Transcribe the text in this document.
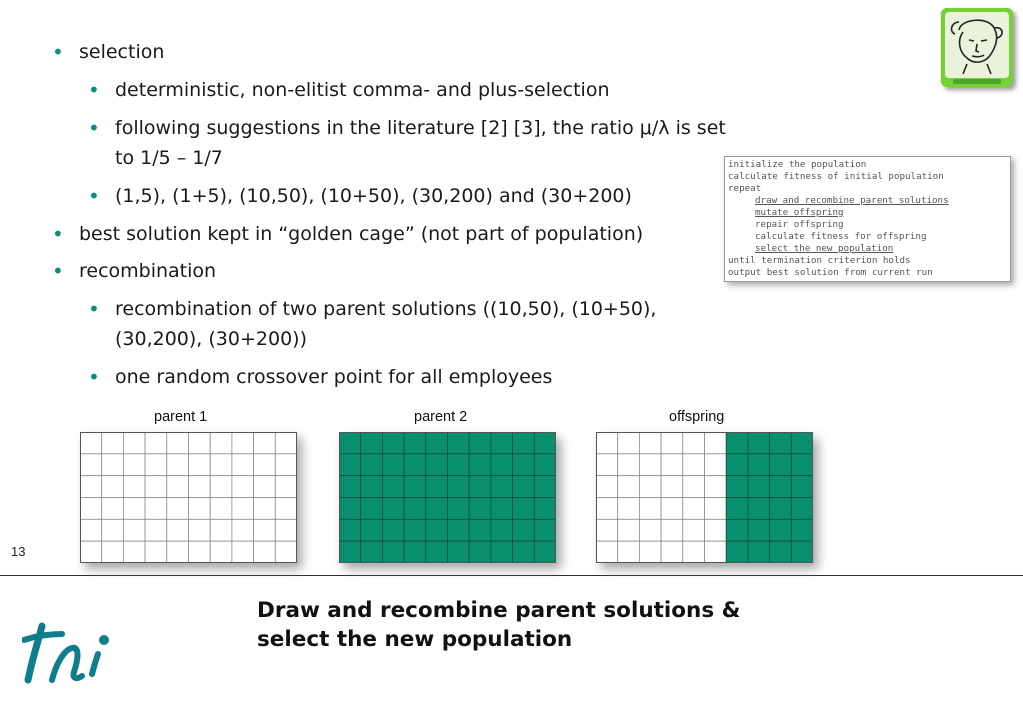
• selection
• deterministic, non-elitist comma- and plus-selection
• following suggestions in the literature [2] [3], the ratio μ/λ is set
to 1/5 – 1/7
• (1,5), (1+5), (10,50), (10+50), (30,200) and (30+200)
• best solution kept in “golden cage” (not part of population)
• recombination
• recombination of two parent solutions ((10,50), (10+50),
(30,200), (30+200))
• one random crossover point for all employees
initialize the population
calculate fitness of initial population
repeat
draw and recombine parent solutions
mutate offspring
repair offspring
calculate fitness for offspring
select the new population
until termination criterion holds
output best solution from current run
parent 1	parent 2	offspring
13
Draw and recombine parent solutions &
select the new population
